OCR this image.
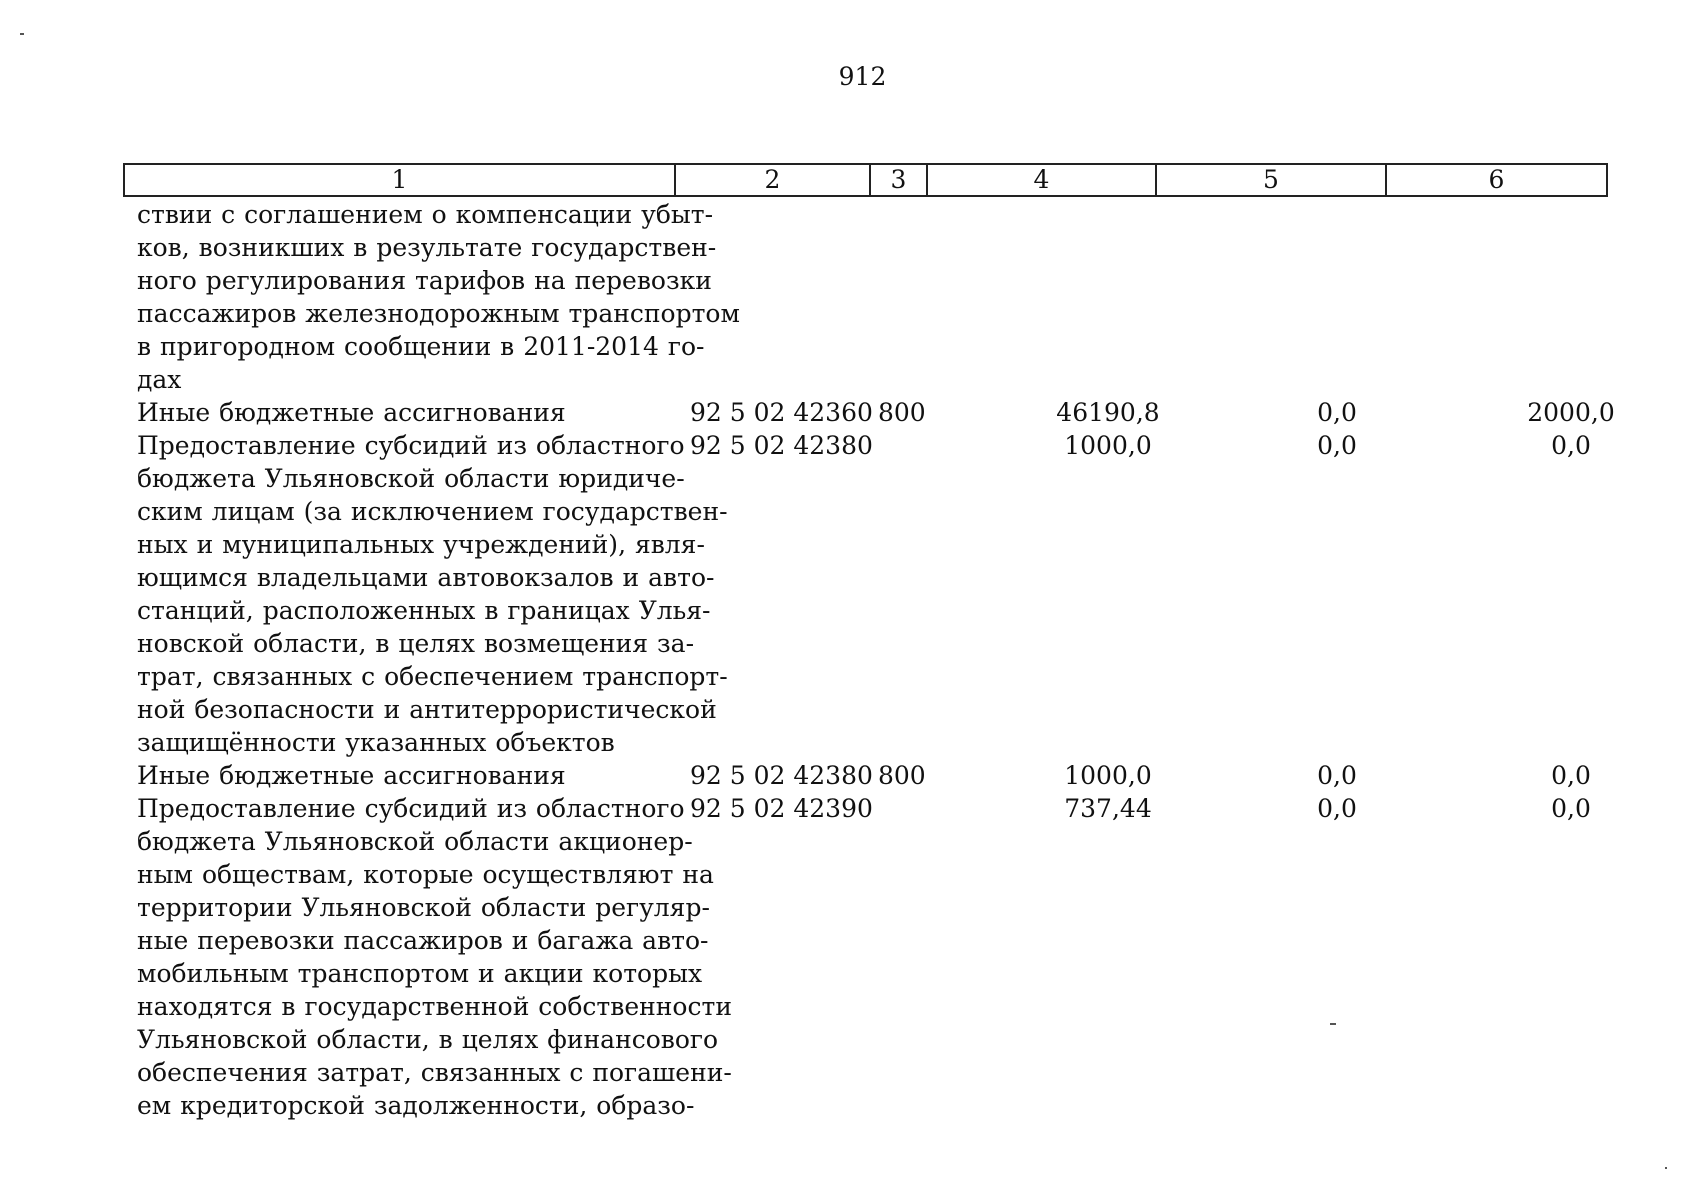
912
1	2	3	4	5	6
ствии с соглашением о компенсации убыт-
ков, возникших в результате государствен-
ного регулирования тарифов на перевозки
пассажиров железнодорожным транспортом
в пригородном сообщении в 2011-2014 го-
дах
Иные бюджетные ассигнования	92 5 02 42360 800	46190,8	0,0	2000,0
Предоставление субсидий из областного
бюджета Ульяновской области юридиче-
ским лицам (за исключением государствен-
ных и муниципальных учреждений), явля-
ющимся владельцами автовокзалов и авто-
станций, расположенных в границах Улья-
новской области, в целях возмещения за-
трат, связанных с обеспечением транспорт-
ной безопасности и антитеррористической
защищённости указанных объектов
92 5 02 42380	1000,0	0,0	0,0
Иные бюджетные ассигнования	92 5 02 42380 800	1000,0	0,0	0,0
Предоставление субсидий из областного
бюджета Ульяновской области акционер-
ным обществам, которые осуществляют на
территории Ульяновской области регуляр-
ные перевозки пассажиров и багажа авто-
мобильным транспортом и акции которых
находятся в государственной собственности
Ульяновской области, в целях финансового
обеспечения затрат, связанных с погашени-
ем кредиторской задолженности, образо-
92 5 02 42390	737,44	0,0	0,0
